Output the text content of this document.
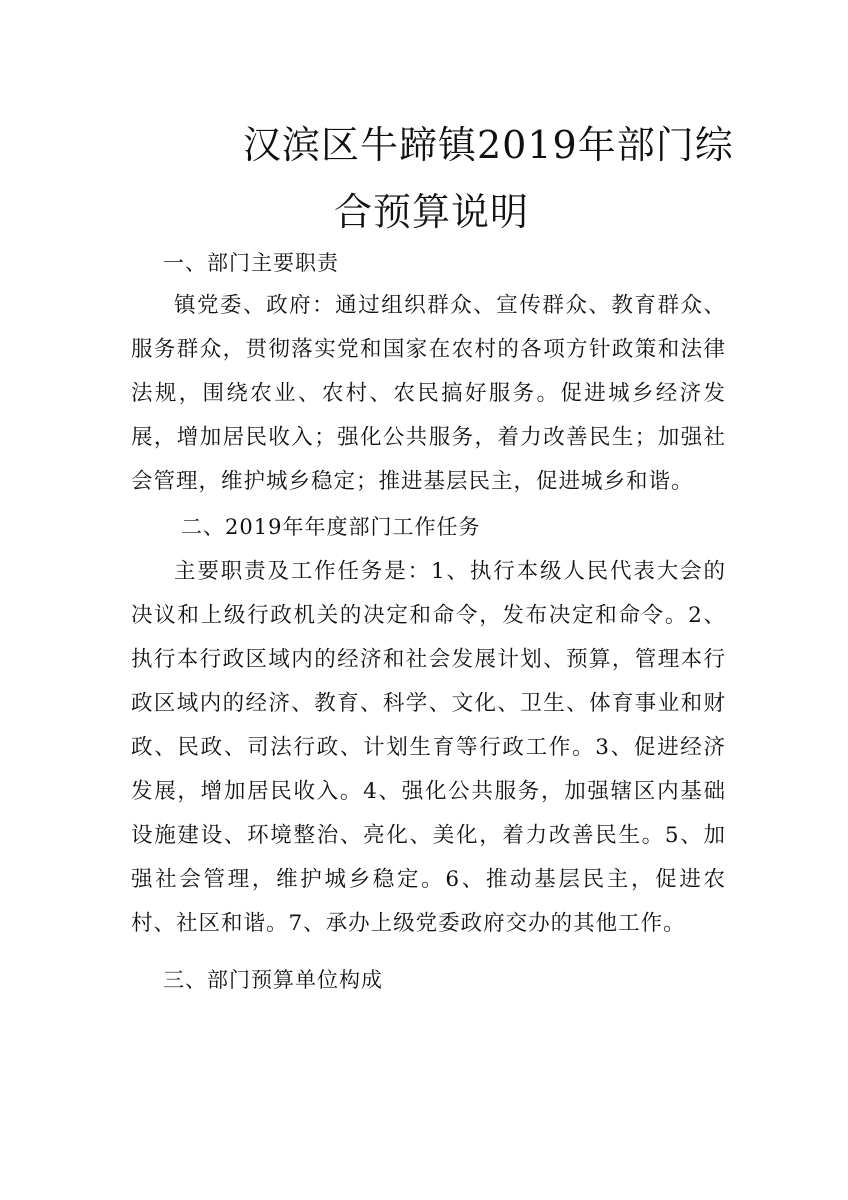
汉滨区牛蹄镇2019年部门综
合预算说明
一、部门主要职责
镇党委、政府：通过组织群众、宣传群众、教育群众、服务群众，贯彻落实党和国家在农村的各项方针政策和法律法规，围绕农业、农村、农民搞好服务。促进城乡经济发展，增加居民收入；强化公共服务，着力改善民生；加强社会管理，维护城乡稳定；推进基层民主，促进城乡和谐。
二、2019年年度部门工作任务
主要职责及工作任务是：1、执行本级人民代表大会的决议和上级行政机关的决定和命令，发布决定和命令。2、执行本行政区域内的经济和社会发展计划、预算，管理本行政区域内的经济、教育、科学、文化、卫生、体育事业和财政、民政、司法行政、计划生育等行政工作。3、促进经济发展，增加居民收入。4、强化公共服务，加强辖区内基础设施建设、环境整治、亮化、美化，着力改善民生。5、加强社会管理，维护城乡稳定。6、推动基层民主，促进农村、社区和谐。7、承办上级党委政府交办的其他工作。
三、部门预算单位构成
